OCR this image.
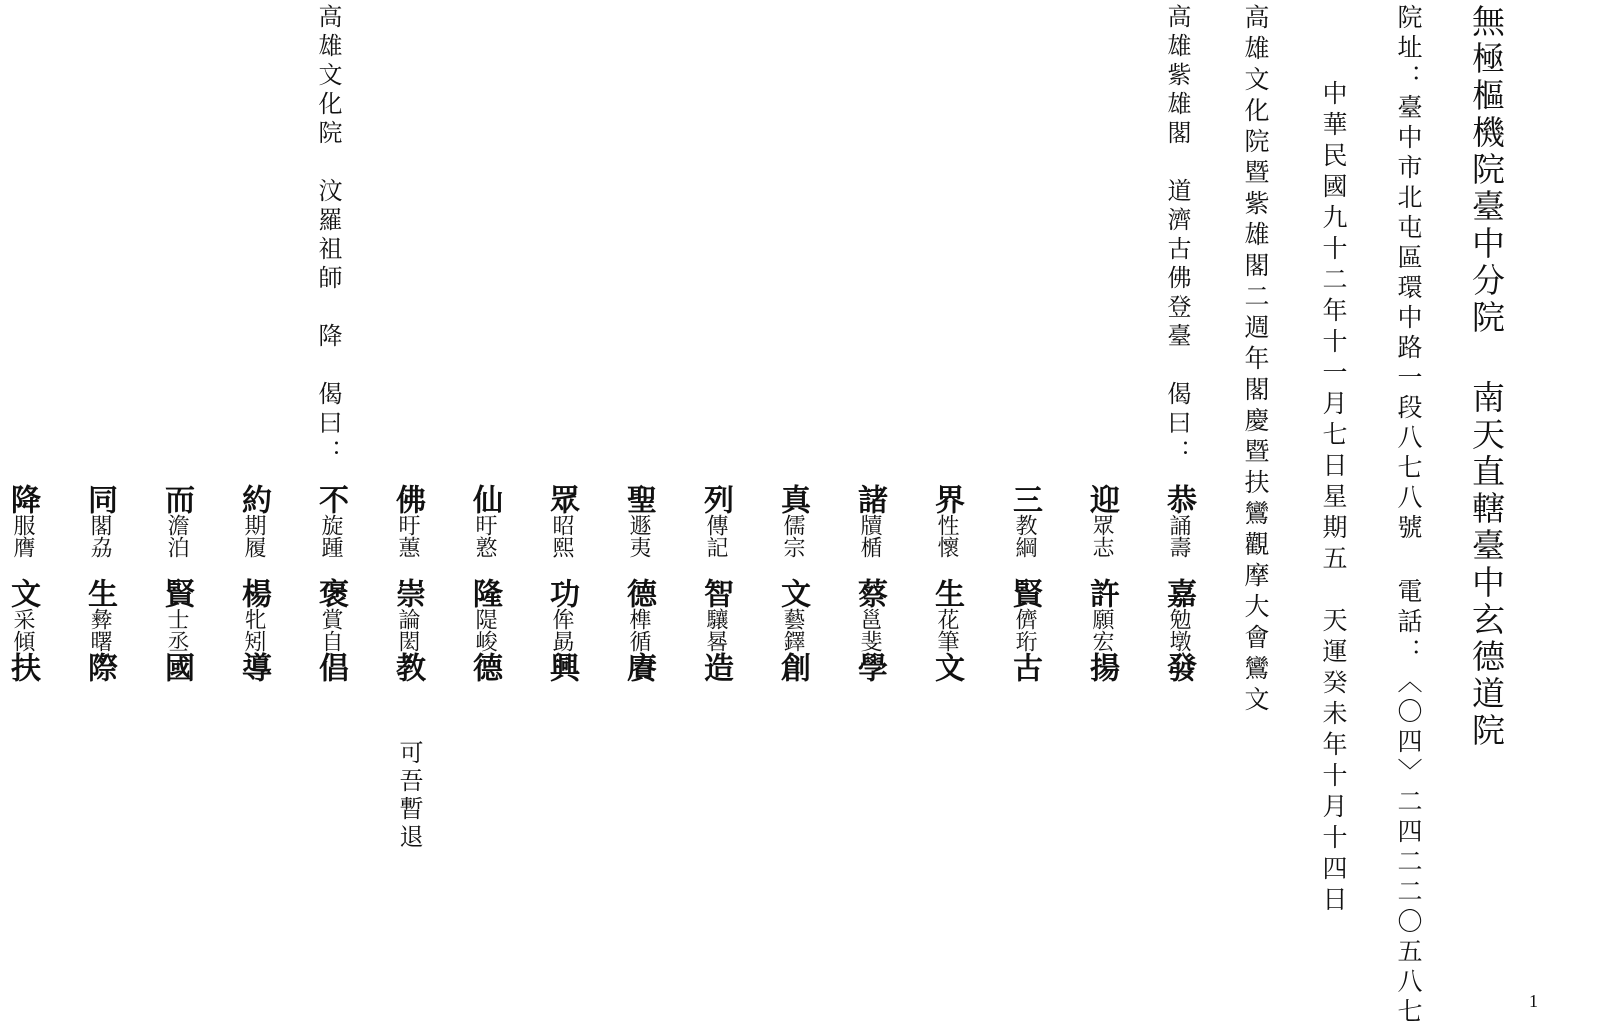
無極樞機院臺中分院 南天直轄臺中玄德道院
院址：臺中市北屯區環中路一段八七八號 電話：〈〇四〉二四二二〇五八七
中華民國九十二年十一月七日星期五　天運癸未年十月十四日
高雄文化院暨紫雄閣二週年閣慶暨扶鸞觀摩大會鸞文
高雄紫雄閣　道濟古佛登臺　偈曰：
高雄文化院　汶羅祖師　降　偈曰：
恭誦壽嘉勉墩發
迎眾志許願宏揚
三教綱賢儕珩古
界性懷生花筆文
諸牘楯蔡邕斐學
真儒宗文藝鐸創
列傳記智驤晷造
聖遯夷德榫循賡
眾昭熙功侔勗興
仙旴憝隆隄峻德
佛旴蕙崇論閎教
可吾暫退
不旋踵褒賞自倡
約期履楊牝矧導
而澹泊賢士丞國
同閣劦生彜曙際
降服膺文采傾扶
1
